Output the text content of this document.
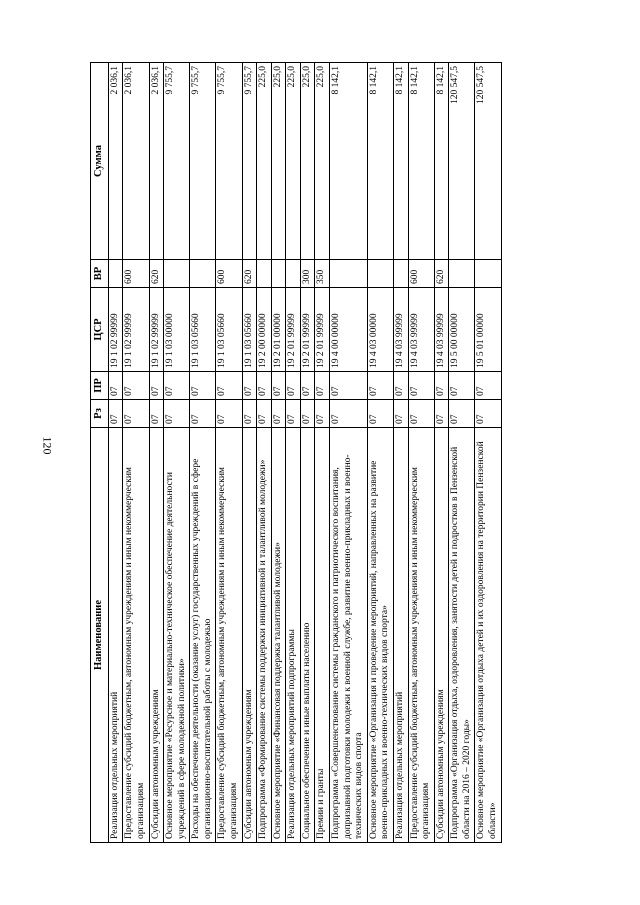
120
Наименование	Рз	ПР	ЦСР	ВР	Сумма
Реализация отдельных мероприятий	07	07	19 1 02 99999		2 036,1
Предоставление субсидий бюджетным, автономным учреждениям и иным некоммерческим организациям	07	07	19 1 02 99999	600	2 036,1
Субсидии автономным учреждениям	07	07	19 1 02 99999	620	2 036,1
Основное мероприятие «Ресурсное и материально-техническое обеспечение деятельности учреждений в сфере молодежной политики»	07	07	19 1 03 00000		9 755,7
Расходы на обеспечение деятельности (оказание услуг) государственных учреждений в сфере организационно-воспитательной работы с молодежью	07	07	19 1 03 05660		9 755,7
Предоставление субсидий бюджетным, автономным учреждениям и иным некоммерческим организациям	07	07	19 1 03 05660	600	9 755,7
Субсидии автономным учреждениям	07	07	19 1 03 05660	620	9 755,7
Подпрограмма «Формирование системы поддержки инициативной и талантливой молодежи»	07	07	19 2 00 00000		225,0
Основное мероприятие «Финансовая поддержка талантливой молодежи»	07	07	19 2 01 00000		225,0
Реализация отдельных мероприятий подпрограммы	07	07	19 2 01 99999		225,0
Социальное обеспечение и иные выплаты населению	07	07	19 2 01 99999	300	225,0
Премии и гранты	07	07	19 2 01 99999	350	225,0
Подпрограмма «Совершенствование системы гражданского и патриотического воспитания, допризывной подготовки молодежи к военной службе, развитие военно-прикладных и военно-технических видов спорта	07	07	19 4 00 00000		8 142,1
Основное мероприятие «Организация и проведение мероприятий, направленных на развитие военно-прикладных и военно-технических видов спорта»	07	07	19 4 03 00000		8 142,1
Реализация отдельных мероприятий	07	07	19 4 03 99999		8 142,1
Предоставление субсидий бюджетным, автономным учреждениям и иным некоммерческим организациям	07	07	19 4 03 99999	600	8 142,1
Субсидии автономным учреждениям	07	07	19 4 03 99999	620	8 142,1
Подпрограмма «Организация отдыха, оздоровления, занятости детей и подростков в Пензенской области на 2016 – 2020 годы»	07	07	19 5 00 00000		120 547,5
Основное мероприятие «Организация отдыха детей и их оздоровления на территории Пензенской области»	07	07	19 5 01 00000		120 547,5
